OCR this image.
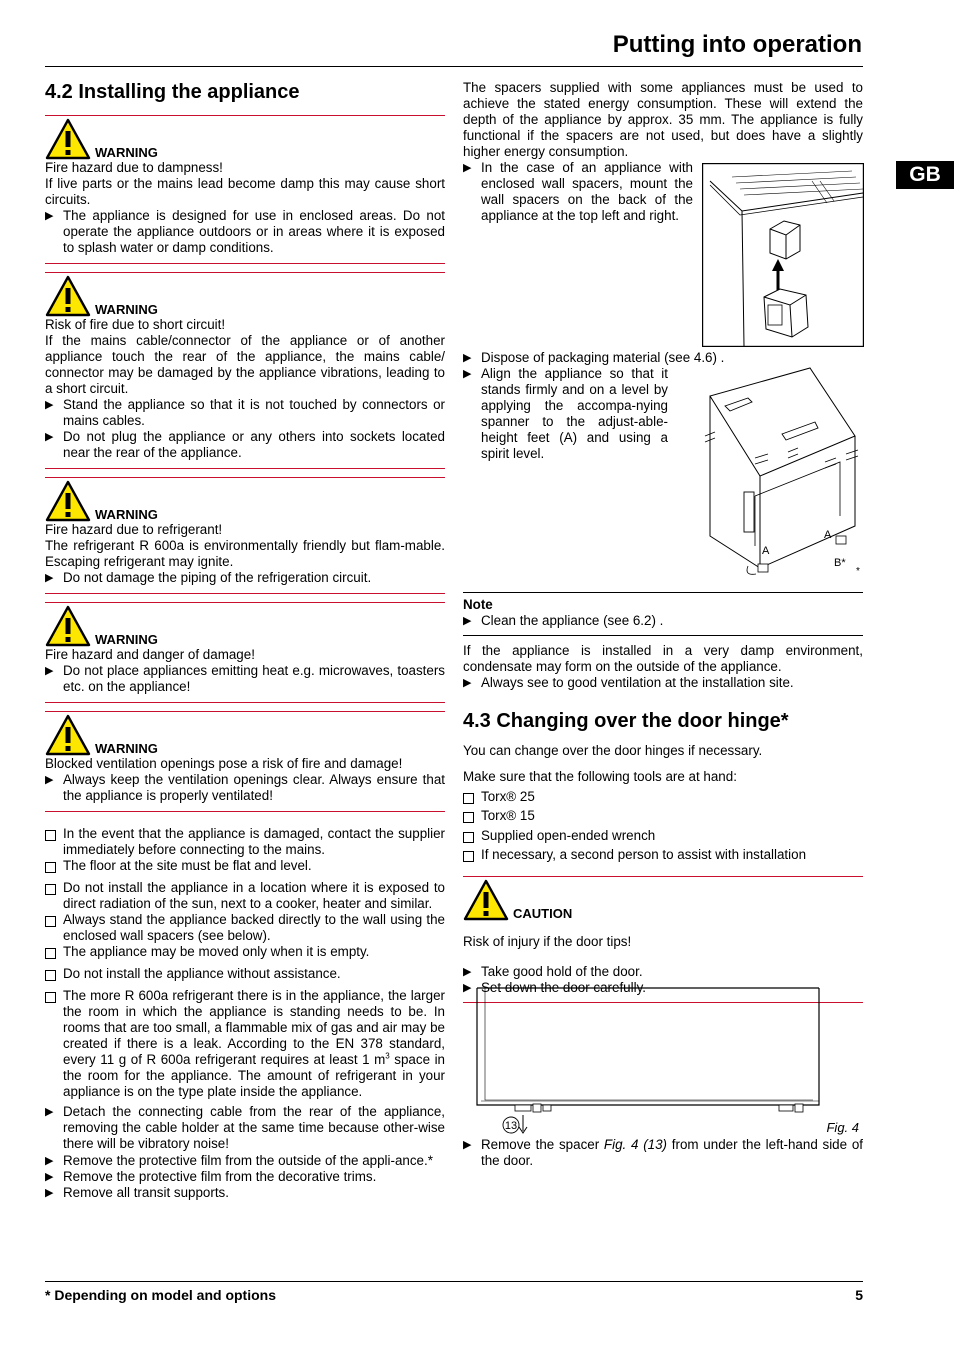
Putting into operation
GB
4.2 Installing the appliance
WARNING

Fire hazard due to dampness!

If live parts or the mains lead become damp this may cause short circuits.

▶ The appliance is designed for use in enclosed areas. Do not operate the appliance outdoors or in areas where it is exposed to splash water or damp conditions.
WARNING

Risk of fire due to short circuit!

If the mains cable/connector of the appliance or of another appliance touch the rear of the appliance, the mains cable/ connector may be damaged by the appliance vibrations, leading to a short circuit.

▶ Stand the appliance so that it is not touched by connectors or mains cables.
▶ Do not plug the appliance or any others into sockets located near the rear of the appliance.
WARNING

Fire hazard due to refrigerant!

The refrigerant R 600a is environmentally friendly but flam-mable. Escaping refrigerant may ignite.

▶ Do not damage the piping of the refrigeration circuit.
WARNING

Fire hazard and danger of damage!

▶ Do not place appliances emitting heat e.g. microwaves, toasters etc. on the appliance!
WARNING

Blocked ventilation openings pose a risk of fire and damage!

▶ Always keep the ventilation openings clear. Always ensure that the appliance is properly ventilated!
In the event that the appliance is damaged, contact the supplier immediately before connecting to the mains.
The floor at the site must be flat and level.
Do not install the appliance in a location where it is exposed to direct radiation of the sun, next to a cooker, heater and similar.
Always stand the appliance backed directly to the wall using the enclosed wall spacers (see below).
The appliance may be moved only when it is empty.
Do not install the appliance without assistance.
The more R 600a refrigerant there is in the appliance, the larger the room in which the appliance is standing needs to be. In rooms that are too small, a flammable mix of gas and air may be created if there is a leak. According to the EN 378 standard, every 11 g of R 600a refrigerant requires at least 1 $m^3$ space in the room for the appliance. The amount of refrigerant in your appliance is on the type plate inside the appliance.
▶ Detach the connecting cable from the rear of the appliance, removing the cable holder at the same time because other-wise there will be vibratory noise!
▶ Remove the protective film from the outside of the appli-ance.*
▶ Remove the protective film from the decorative trims.
▶ Remove all transit supports.

The spacers supplied with some appliances must be used to achieve the stated energy consumption. These will extend the depth of the appliance by approx. 35 mm. The appliance is fully functional if the spacers are not used, but does have a slightly higher energy consumption.

▶ In the case of an appliance with enclosed wall spacers, mount the wall spacers on the back of the appliance at the top left and right.
▶ Dispose of packaging material (see 4.6) .
▶ Align the appliance so that it stands firmly and on a level by applying the accompa-nying spanner to the adjust-able-height feet (A) and using a spirit level.
A
A
B*
*
Note
▶ Clean the appliance (see 6.2) .

If the appliance is installed in a very damp environment, condensate may form on the outside of the appliance.

▶ Always see to good ventilation at the installation site.
4.3 Changing over the door hinge*

You can change over the door hinges if necessary.

Make sure that the following tools are at hand:

Torx® 25
Torx® 15
Supplied open-ended wrench
If necessary, a second person to assist with installation
CAUTION

Risk of injury if the door tips!

▶ Take good hold of the door.
▶ Set down the door carefully.
13	Fig. 4
▶ Remove the spacer Fig. 4 (13) from under the left-hand side of the door.
* Depending on model and options	5
